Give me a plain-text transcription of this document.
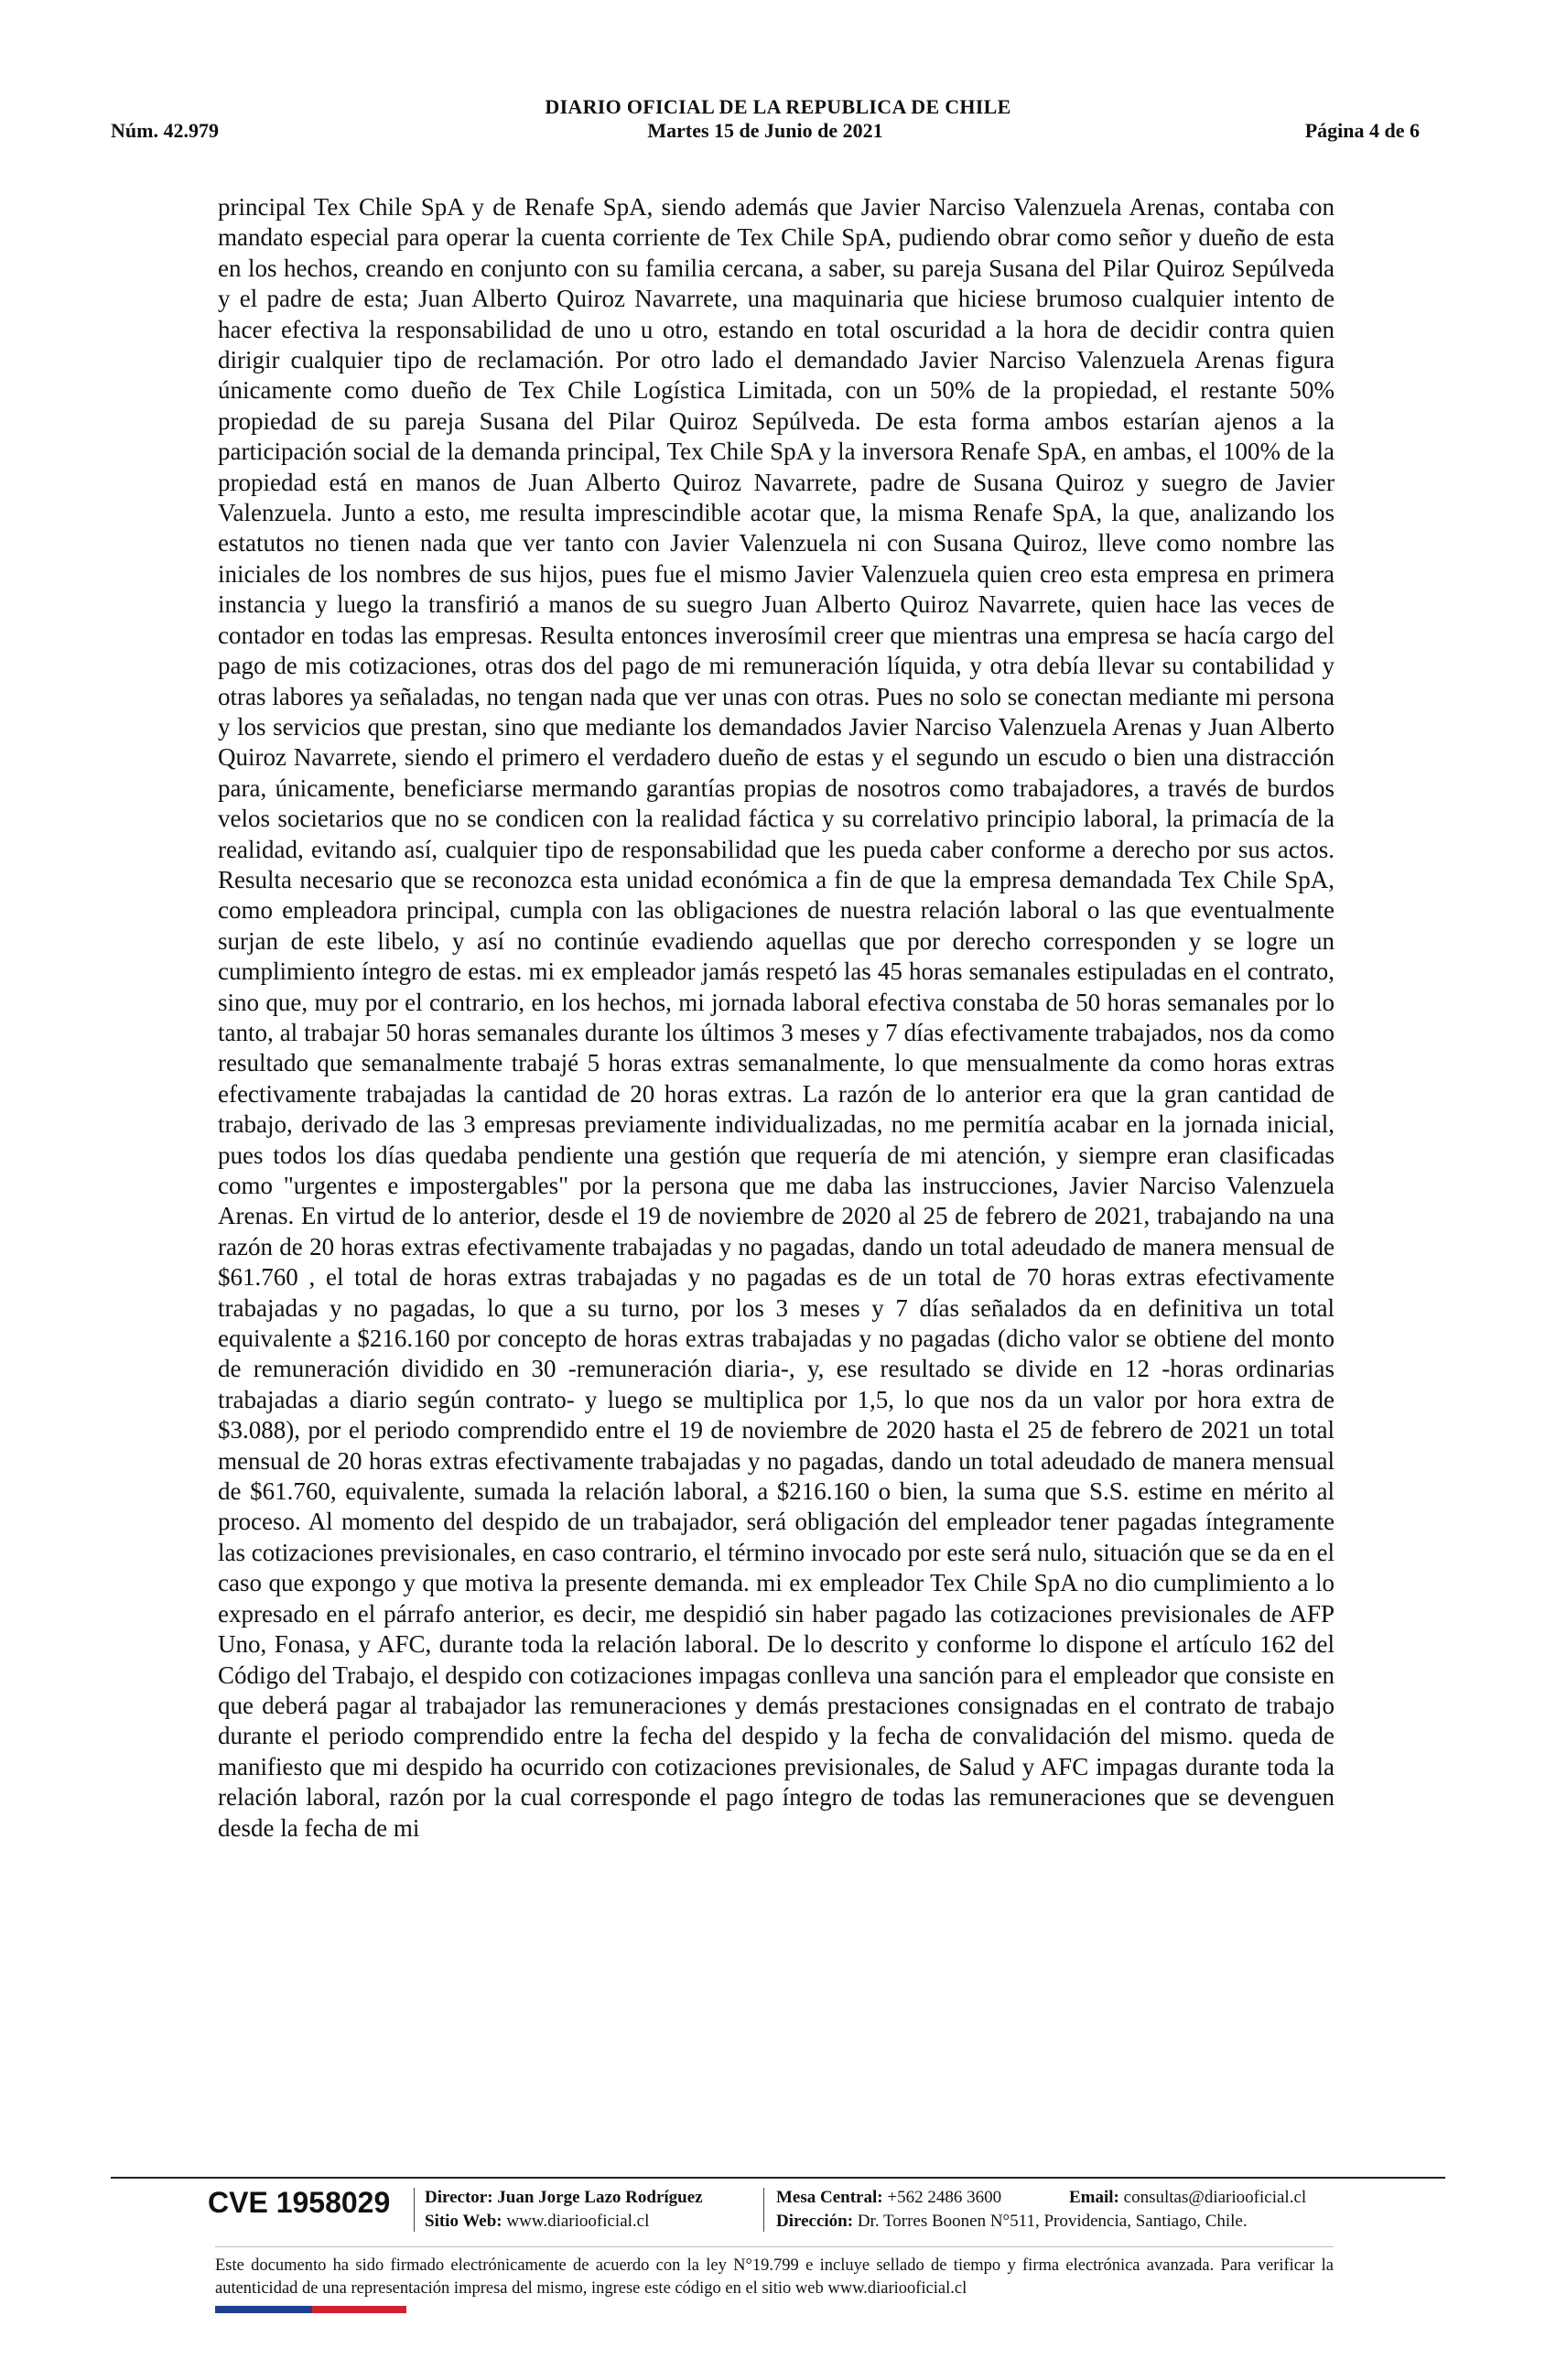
DIARIO OFICIAL DE LA REPUBLICA DE CHILE
Núm. 42.979	Martes 15 de Junio de 2021	Página 4 de 6

principal Tex Chile SpA y de Renafe SpA, siendo además que Javier Narciso Valenzuela Arenas, contaba con mandato especial para operar la cuenta corriente de Tex Chile SpA, pudiendo obrar como señor y dueño de esta en los hechos, creando en conjunto con su familia cercana, a saber, su pareja Susana del Pilar Quiroz Sepúlveda y el padre de esta; Juan Alberto Quiroz Navarrete, una maquinaria que hiciese brumoso cualquier intento de hacer efectiva la responsabilidad de uno u otro, estando en total oscuridad a la hora de decidir contra quien dirigir cualquier tipo de reclamación. Por otro lado el demandado Javier Narciso Valenzuela Arenas figura únicamente como dueño de Tex Chile Logística Limitada, con un 50% de la propiedad, el restante 50% propiedad de su pareja Susana del Pilar Quiroz Sepúlveda. De esta forma ambos estarían ajenos a la participación social de la demanda principal, Tex Chile SpA y la inversora Renafe SpA, en ambas, el 100% de la propiedad está en manos de Juan Alberto Quiroz Navarrete, padre de Susana Quiroz y suegro de Javier Valenzuela. Junto a esto, me resulta imprescindible acotar que, la misma Renafe SpA, la que, analizando los estatutos no tienen nada que ver tanto con Javier Valenzuela ni con Susana Quiroz, lleve como nombre las iniciales de los nombres de sus hijos, pues fue el mismo Javier Valenzuela quien creo esta empresa en primera instancia y luego la transfirió a manos de su suegro Juan Alberto Quiroz Navarrete, quien hace las veces de contador en todas las empresas. Resulta entonces inverosímil creer que mientras una empresa se hacía cargo del pago de mis cotizaciones, otras dos del pago de mi remuneración líquida, y otra debía llevar su contabilidad y otras labores ya señaladas, no tengan nada que ver unas con otras. Pues no solo se conectan mediante mi persona y los servicios que prestan, sino que mediante los demandados Javier Narciso Valenzuela Arenas y Juan Alberto Quiroz Navarrete, siendo el primero el verdadero dueño de estas y el segundo un escudo o bien una distracción para, únicamente, beneficiarse mermando garantías propias de nosotros como trabajadores, a través de burdos velos societarios que no se condicen con la realidad fáctica y su correlativo principio laboral, la primacía de la realidad, evitando así, cualquier tipo de responsabilidad que les pueda caber conforme a derecho por sus actos. Resulta necesario que se reconozca esta unidad económica a fin de que la empresa demandada Tex Chile SpA, como empleadora principal, cumpla con las obligaciones de nuestra relación laboral o las que eventualmente surjan de este libelo, y así no continúe evadiendo aquellas que por derecho corresponden y se logre un cumplimiento íntegro de estas. mi ex empleador jamás respetó las 45 horas semanales estipuladas en el contrato, sino que, muy por el contrario, en los hechos, mi jornada laboral efectiva constaba de 50 horas semanales por lo tanto, al trabajar 50 horas semanales durante los últimos 3 meses y 7 días efectivamente trabajados, nos da como resultado que semanalmente trabajé 5 horas extras semanalmente, lo que mensualmente da como horas extras efectivamente trabajadas la cantidad de 20 horas extras. La razón de lo anterior era que la gran cantidad de trabajo, derivado de las 3 empresas previamente individualizadas, no me permitía acabar en la jornada inicial, pues todos los días quedaba pendiente una gestión que requería de mi atención, y siempre eran clasificadas como "urgentes e impostergables" por la persona que me daba las instrucciones, Javier Narciso Valenzuela Arenas. En virtud de lo anterior, desde el 19 de noviembre de 2020 al 25 de febrero de 2021, trabajando na una razón de 20 horas extras efectivamente trabajadas y no pagadas, dando un total adeudado de manera mensual de $61.760 , el total de horas extras trabajadas y no pagadas es de un total de 70 horas extras efectivamente trabajadas y no pagadas, lo que a su turno, por los 3 meses y 7 días señalados da en definitiva un total equivalente a $216.160 por concepto de horas extras trabajadas y no pagadas (dicho valor se obtiene del monto de remuneración dividido en 30 -remuneración diaria-, y, ese resultado se divide en 12 -horas ordinarias trabajadas a diario según contrato- y luego se multiplica por 1,5, lo que nos da un valor por hora extra de $3.088), por el periodo comprendido entre el 19 de noviembre de 2020 hasta el 25 de febrero de 2021 un total mensual de 20 horas extras efectivamente trabajadas y no pagadas, dando un total adeudado de manera mensual de $61.760, equivalente, sumada la relación laboral, a $216.160 o bien, la suma que S.S. estime en mérito al proceso. Al momento del despido de un trabajador, será obligación del empleador tener pagadas íntegramente las cotizaciones previsionales, en caso contrario, el término invocado por este será nulo, situación que se da en el caso que expongo y que motiva la presente demanda. mi ex empleador Tex Chile SpA no dio cumplimiento a lo expresado en el párrafo anterior, es decir, me despidió sin haber pagado las cotizaciones previsionales de AFP Uno, Fonasa, y AFC, durante toda la relación laboral. De lo descrito y conforme lo dispone el artículo 162 del Código del Trabajo, el despido con cotizaciones impagas conlleva una sanción para el empleador que consiste en que deberá pagar al trabajador las remuneraciones y demás prestaciones consignadas en el contrato de trabajo durante el periodo comprendido entre la fecha del despido y la fecha de convalidación del mismo. queda de manifiesto que mi despido ha ocurrido con cotizaciones previsionales, de Salud y AFC impagas durante toda la relación laboral, razón por la cual corresponde el pago íntegro de todas las remuneraciones que se devenguen desde la fecha de mi

CVE 1958029 Director: Juan Jorge Lazo Rodríguez
Sitio Web: www.diariooficial.cl
Mesa Central: +562 2486 3600	Email: consultas@diariooficial.cl
Dirección: Dr. Torres Boonen N°511, Providencia, Santiago, Chile.

Este documento ha sido firmado electrónicamente de acuerdo con la ley N°19.799 e incluye sellado de tiempo y firma electrónica avanzada. Para verificar la autenticidad de una representación impresa del mismo, ingrese este código en el sitio web www.diariooficial.cl
